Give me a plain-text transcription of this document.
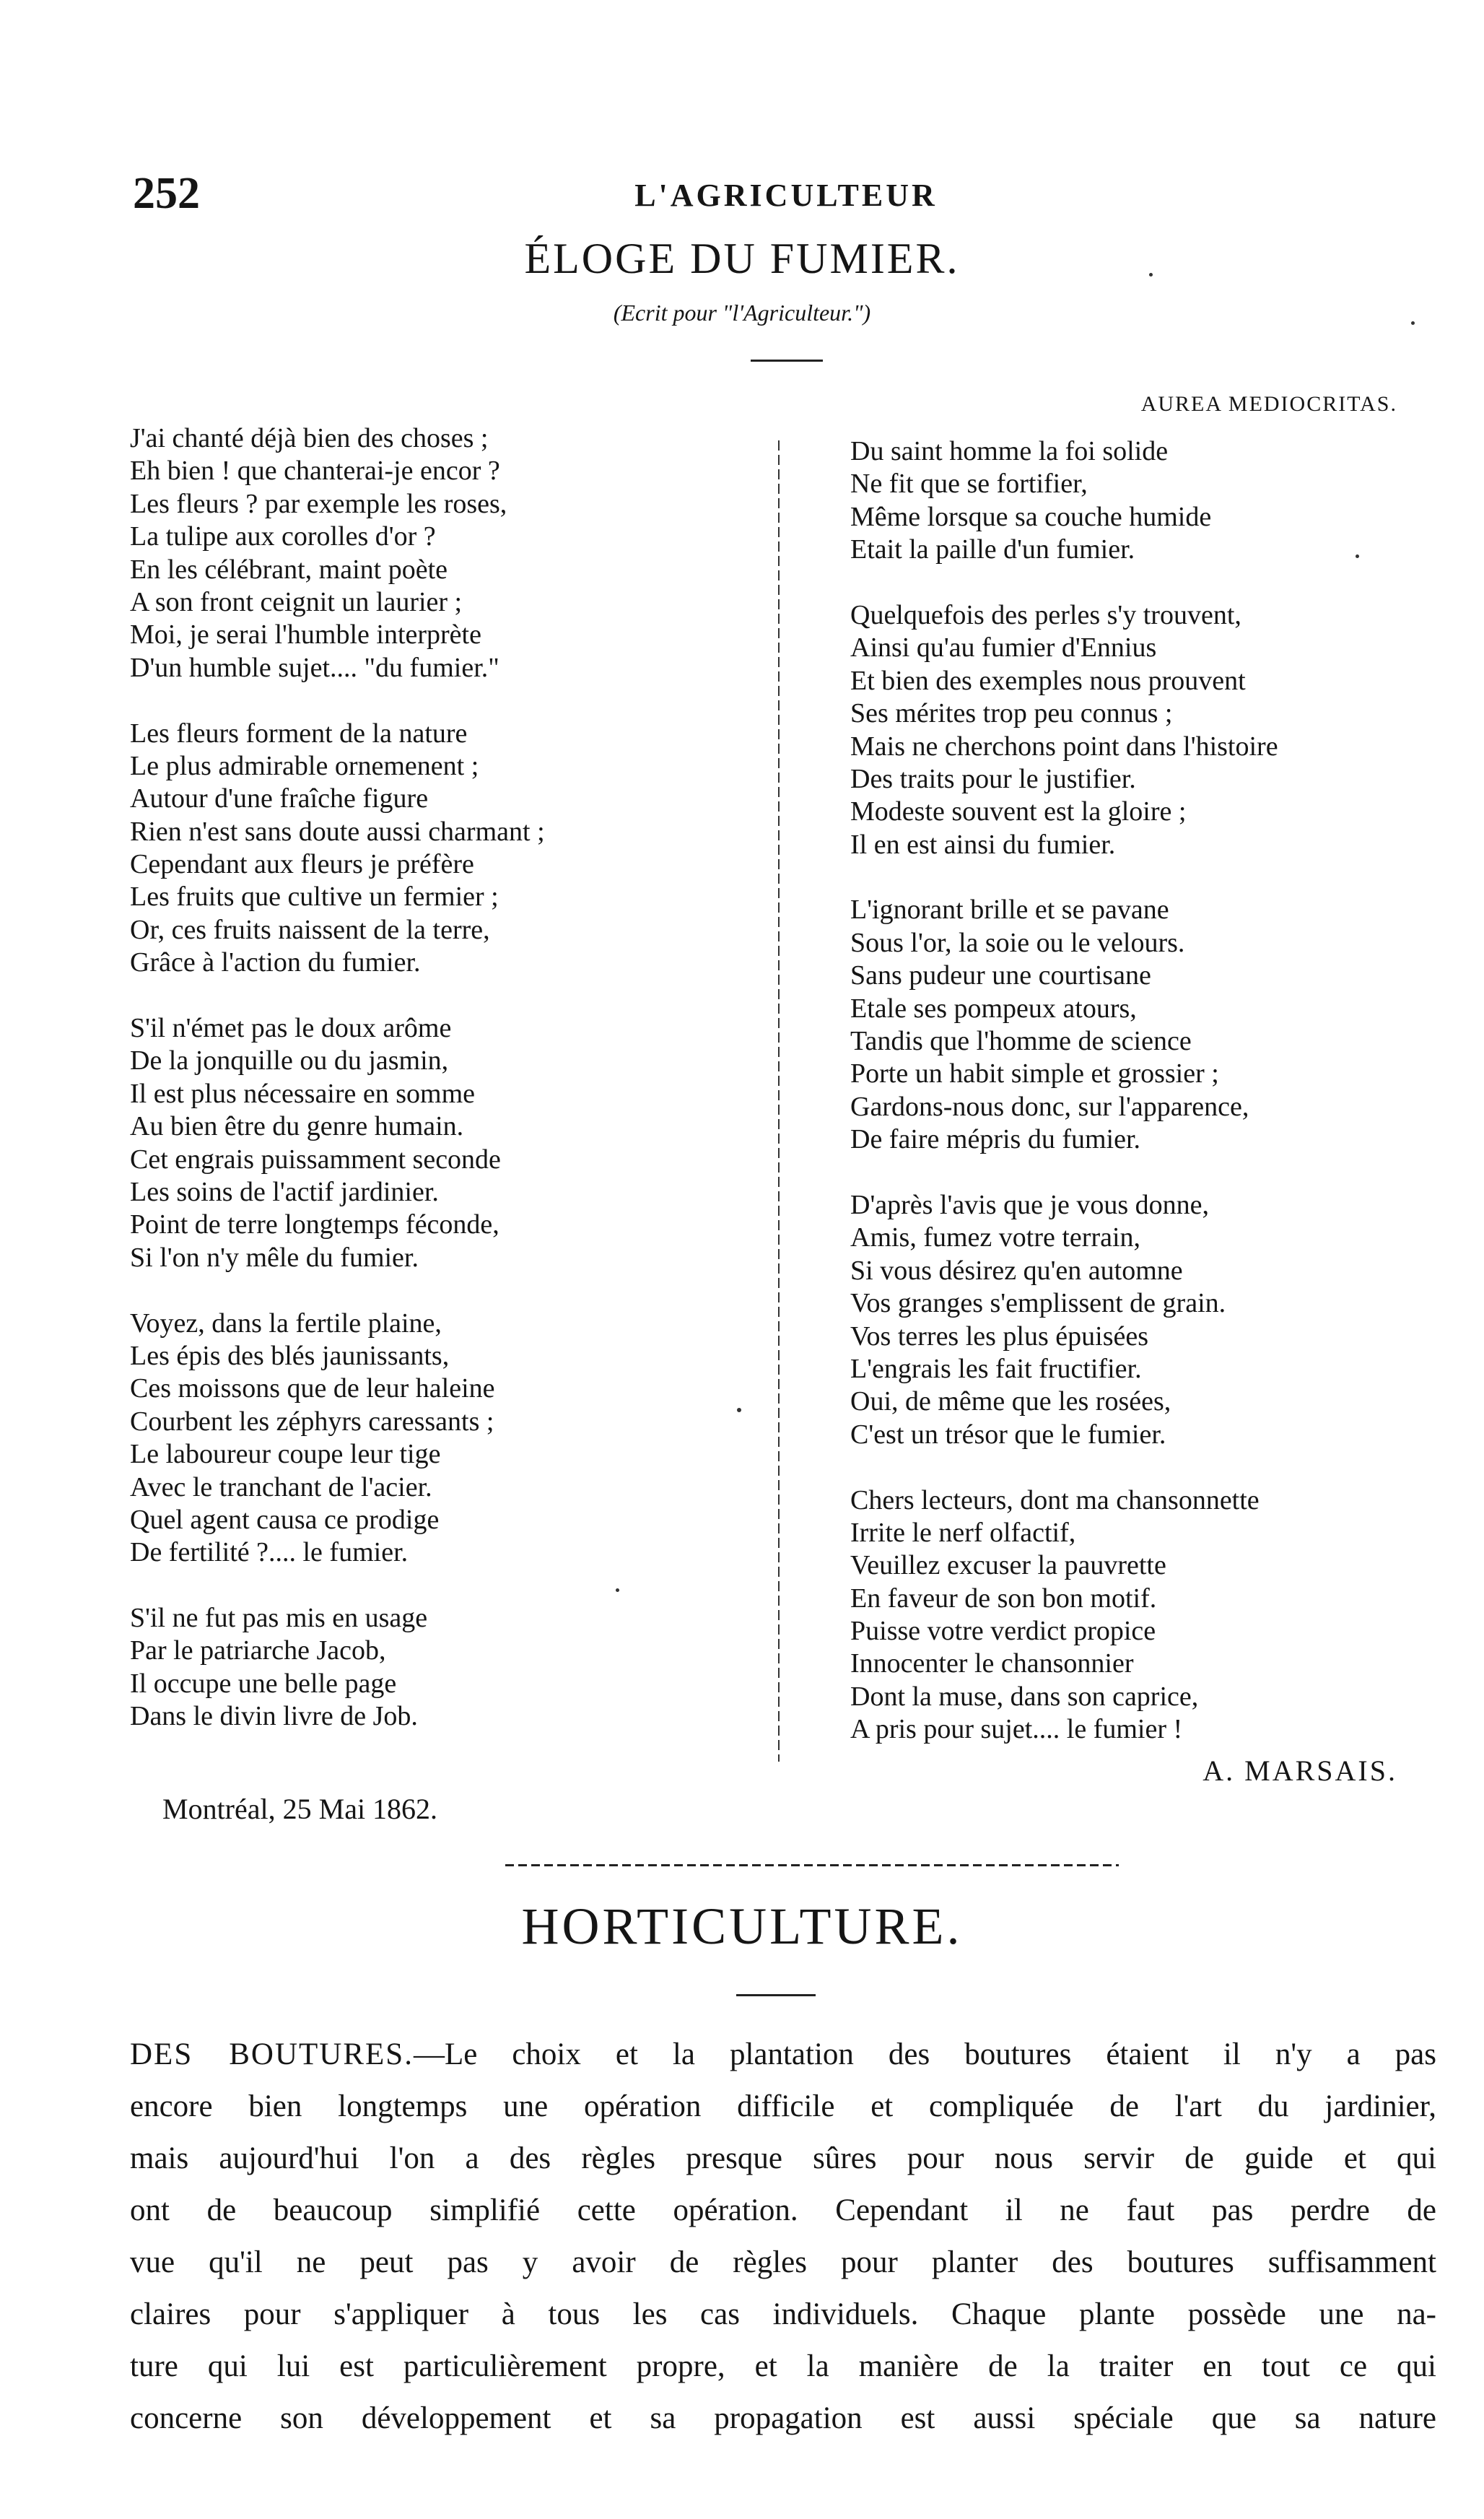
252	L'AGRICULTEUR
ÉLOGE DU FUMIER.
(Ecrit pour "l'Agriculteur.")
AUREA MEDIOCRITAS.
J'ai chanté déjà bien des choses ;
Eh bien ! que chanterai-je encor ?
Les fleurs ? par exemple les roses,
La tulipe aux corolles d'or ?
En les célébrant, maint poète
A son front ceignit un laurier ;
Moi, je serai l'humble interprète
D'un humble sujet.... "du fumier."
Les fleurs forment de la nature
Le plus admirable ornemenent ;
Autour d'une fraîche figure
Rien n'est sans doute aussi charmant ;
Cependant aux fleurs je préfère
Les fruits que cultive un fermier ;
Or, ces fruits naissent de la terre,
Grâce à l'action du fumier.
S'il n'émet pas le doux arôme
De la jonquille ou du jasmin,
Il est plus nécessaire en somme
Au bien être du genre humain.
Cet engrais puissamment seconde
Les soins de l'actif jardinier.
Point de terre longtemps féconde,
Si l'on n'y mêle du fumier.
Voyez, dans la fertile plaine,
Les épis des blés jaunissants,
Ces moissons que de leur haleine
Courbent les zéphyrs caressants ;
Le laboureur coupe leur tige
Avec le tranchant de l'acier.
Quel agent causa ce prodige
De fertilité ?.... le fumier.
S'il ne fut pas mis en usage
Par le patriarche Jacob,
Il occupe une belle page
Dans le divin livre de Job.
Du saint homme la foi solide
Ne fit que se fortifier,
Même lorsque sa couche humide
Etait la paille d'un fumier.
Quelquefois des perles s'y trouvent,
Ainsi qu'au fumier d'Ennius
Et bien des exemples nous prouvent
Ses mérites trop peu connus ;
Mais ne cherchons point dans l'histoire
Des traits pour le justifier.
Modeste souvent est la gloire ;
Il en est ainsi du fumier.
L'ignorant brille et se pavane
Sous l'or, la soie ou le velours.
Sans pudeur une courtisane
Etale ses pompeux atours,
Tandis que l'homme de science
Porte un habit simple et grossier ;
Gardons-nous donc, sur l'apparence,
De faire mépris du fumier.
D'après l'avis que je vous donne,
Amis, fumez votre terrain,
Si vous désirez qu'en automne
Vos granges s'emplissent de grain.
Vos terres les plus épuisées
L'engrais les fait fructifier.
Oui, de même que les rosées,
C'est un trésor que le fumier.
Chers lecteurs, dont ma chansonnette
Irrite le nerf olfactif,
Veuillez excuser la pauvrette
En faveur de son bon motif.
Puisse votre verdict propice
Innocenter le chansonnier
Dont la muse, dans son caprice,
A pris pour sujet.... le fumier !
A. MARSAIS.
Montréal, 25 Mai 1862.
HORTICULTURE.
DES BOUTURES.—Le choix et la plantation des boutures étaient il n'y a pas
encore bien longtemps une opération difficile et compliquée de l'art du jardinier,
mais aujourd'hui l'on a des règles presque sûres pour nous servir de guide et qui
ont de beaucoup simplifié cette opération. Cependant il ne faut pas perdre de
vue qu'il ne peut pas y avoir de règles pour planter des boutures suffisamment
claires pour s'appliquer à tous les cas individuels. Chaque plante possède une na-
ture qui lui est particulièrement propre, et la manière de la traiter en tout ce qui
concerne son développement et sa propagation est aussi spéciale que sa nature
